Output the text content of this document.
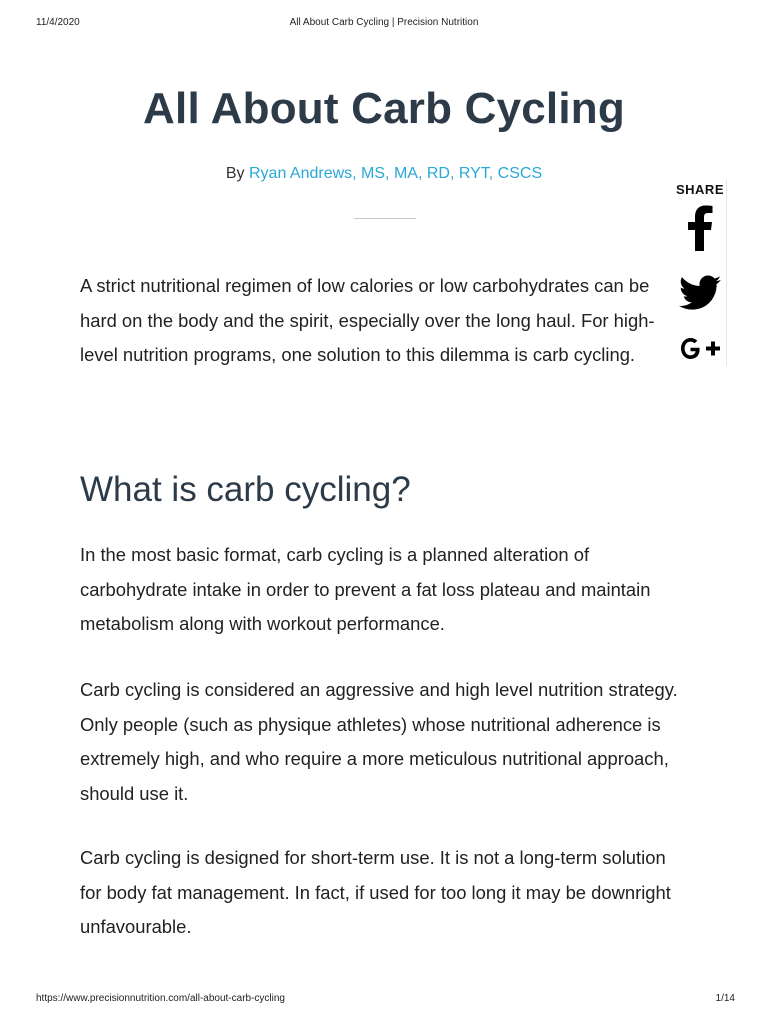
11/4/2020	All About Carb Cycling | Precision Nutrition
All About Carb Cycling
By Ryan Andrews, MS, MA, RD, RYT, CSCS
SHARE

A strict nutritional regimen of low calories or low carbohydrates can be hard on the body and the spirit, especially over the long haul. For high-level nutrition programs, one solution to this dilemma is carb cycling.

What is carb cycling?

In the most basic format, carb cycling is a planned alteration of carbohydrate intake in order to prevent a fat loss plateau and maintain metabolism along with workout performance.

Carb cycling is considered an aggressive and high level nutrition strategy. Only people (such as physique athletes) whose nutritional adherence is extremely high, and who require a more meticulous nutritional approach, should use it.

Carb cycling is designed for short-term use. It is not a long-term solution for body fat management. In fact, if used for too long it may be downright unfavourable.

https://www.precisionnutrition.com/all-about-carb-cycling	1/14
